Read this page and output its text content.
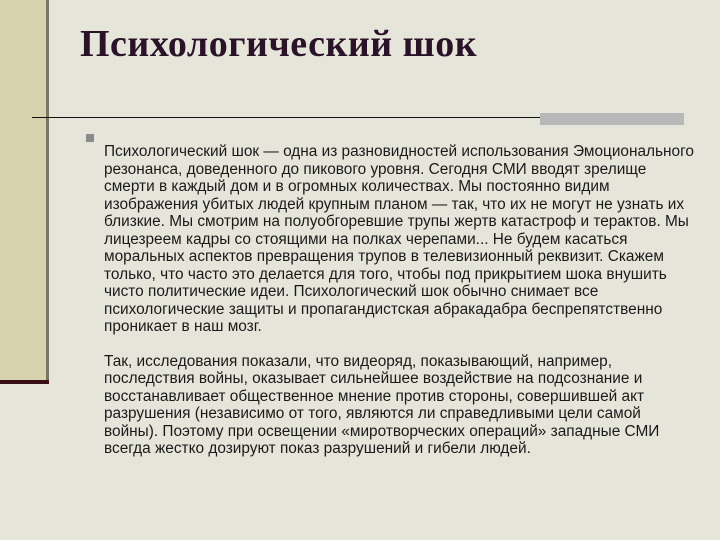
Психологический шок

Психологический шок — одна из разновидностей использования Эмоционального резонанса, доведенного до пикового уровня. Сегодня СМИ вводят зрелище смерти в каждый дом и в огромных количествах. Мы постоянно видим изображения убитых людей крупным планом — так, что их не могут не узнать их близкие. Мы смотрим на полуобгоревшие трупы жертв катастроф и терактов. Мы лицезреем кадры со стоящими на полках черепами... Не будем касаться моральных аспектов превращения трупов в телевизионный реквизит. Скажем только, что часто это делается для того, чтобы под прикрытием шока внушить чисто политические идеи. Психологический шок обычно снимает все психологические защиты и пропагандистская абракадабра беспрепятственно проникает в наш мозг.

Так, исследования показали, что видеоряд, показывающий, например, последствия войны, оказывает сильнейшее воздействие на подсознание и восстанавливает общественное мнение против стороны, совершившей акт разрушения (независимо от того, являются ли справедливыми цели самой войны). Поэтому при освещении «миротворческих операций» западные СМИ всегда жестко дозируют показ разрушений и гибели людей.
